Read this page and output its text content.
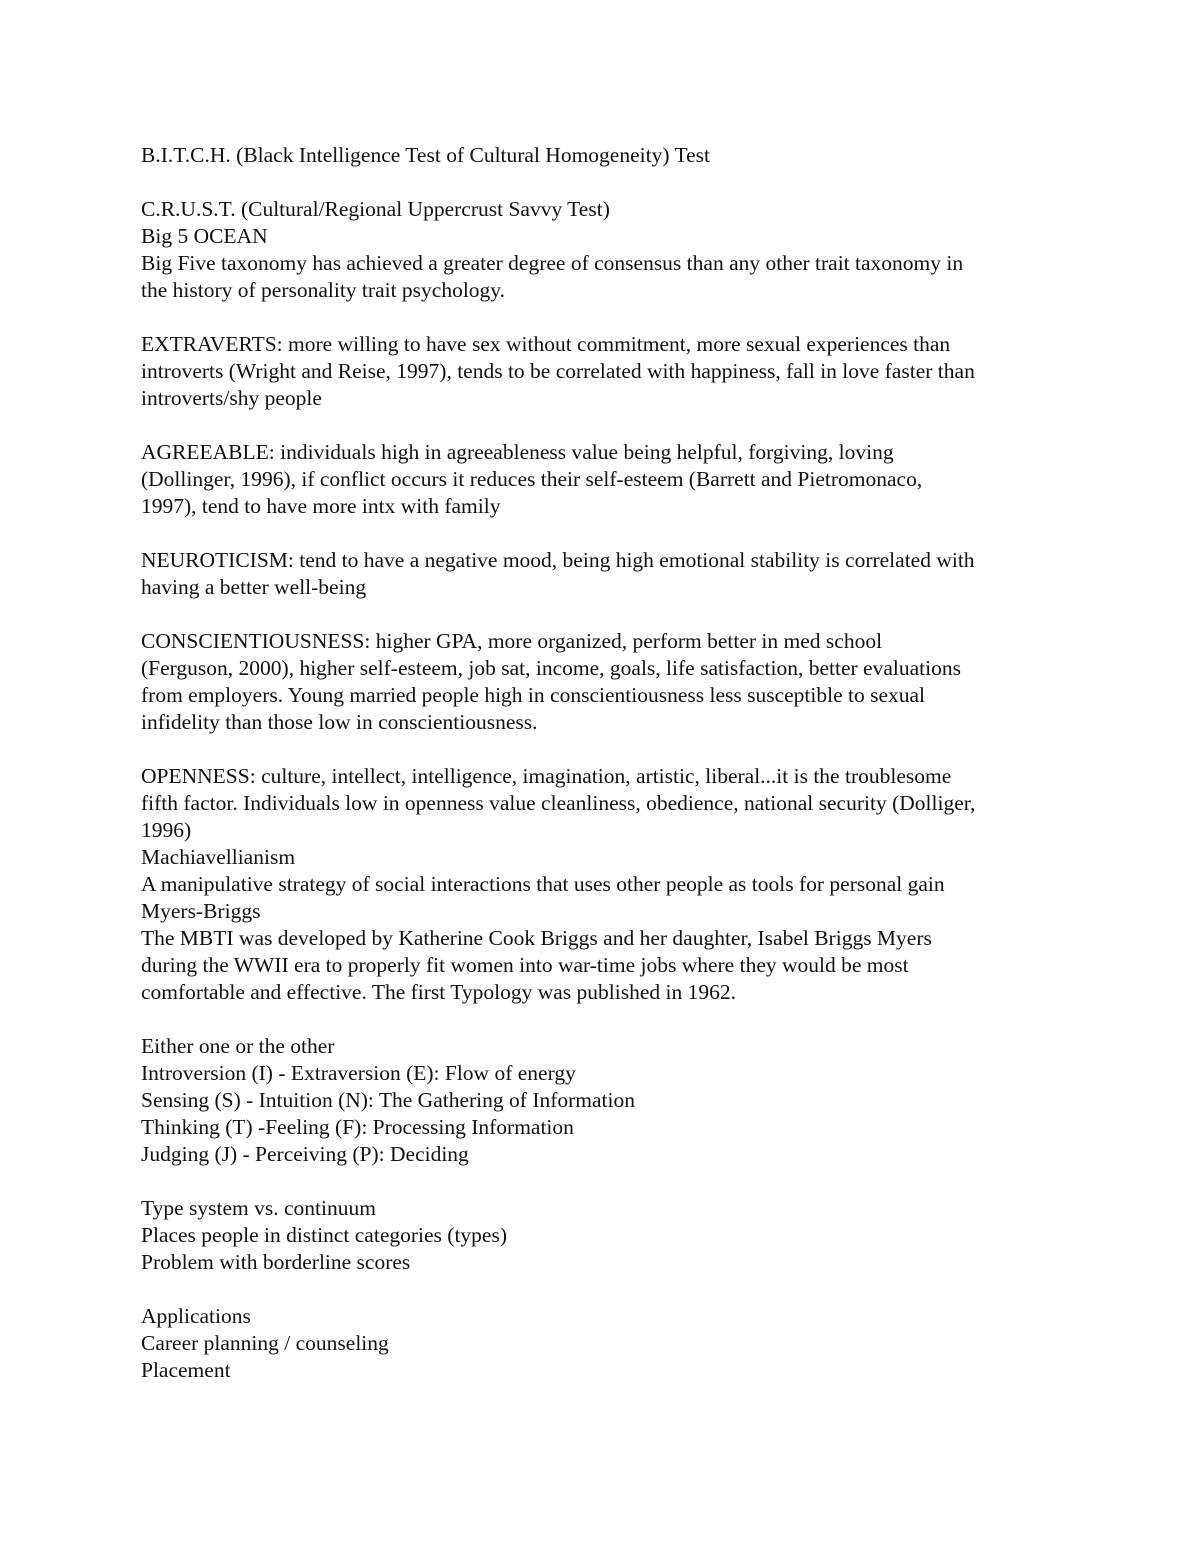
B.I.T.C.H. (Black Intelligence Test of Cultural Homogeneity) Test
C.R.U.S.T. (Cultural/Regional Uppercrust Savvy Test)
Big 5 OCEAN
Big Five taxonomy has achieved a greater degree of consensus than any other trait taxonomy in
the history of personality trait psychology.
EXTRAVERTS: more willing to have sex without commitment, more sexual experiences than
introverts (Wright and Reise, 1997), tends to be correlated with happiness, fall in love faster than
introverts/shy people
AGREEABLE: individuals high in agreeableness value being helpful, forgiving, loving
(Dollinger, 1996), if conflict occurs it reduces their self-esteem (Barrett and Pietromonaco,
1997), tend to have more intx with family
NEUROTICISM: tend to have a negative mood, being high emotional stability is correlated with
having a better well-being
CONSCIENTIOUSNESS: higher GPA, more organized, perform better in med school
(Ferguson, 2000), higher self-esteem, job sat, income, goals, life satisfaction, better evaluations
from employers. Young married people high in conscientiousness less susceptible to sexual
infidelity than those low in conscientiousness.
OPENNESS: culture, intellect, intelligence, imagination, artistic, liberal...it is the troublesome
fifth factor. Individuals low in openness value cleanliness, obedience, national security (Dolliger,
1996)
Machiavellianism
A manipulative strategy of social interactions that uses other people as tools for personal gain
Myers-Briggs
The MBTI was developed by Katherine Cook Briggs and her daughter, Isabel Briggs Myers
during the WWII era to properly fit women into war-time jobs where they would be most
comfortable and effective. The first Typology was published in 1962.
Either one or the other
Introversion (I) - Extraversion (E): Flow of energy
Sensing (S) - Intuition (N): The Gathering of Information
Thinking (T) -Feeling (F): Processing Information
Judging (J) - Perceiving (P): Deciding
Type system vs. continuum
Places people in distinct categories (types)
Problem with borderline scores
Applications
Career planning / counseling
Placement
